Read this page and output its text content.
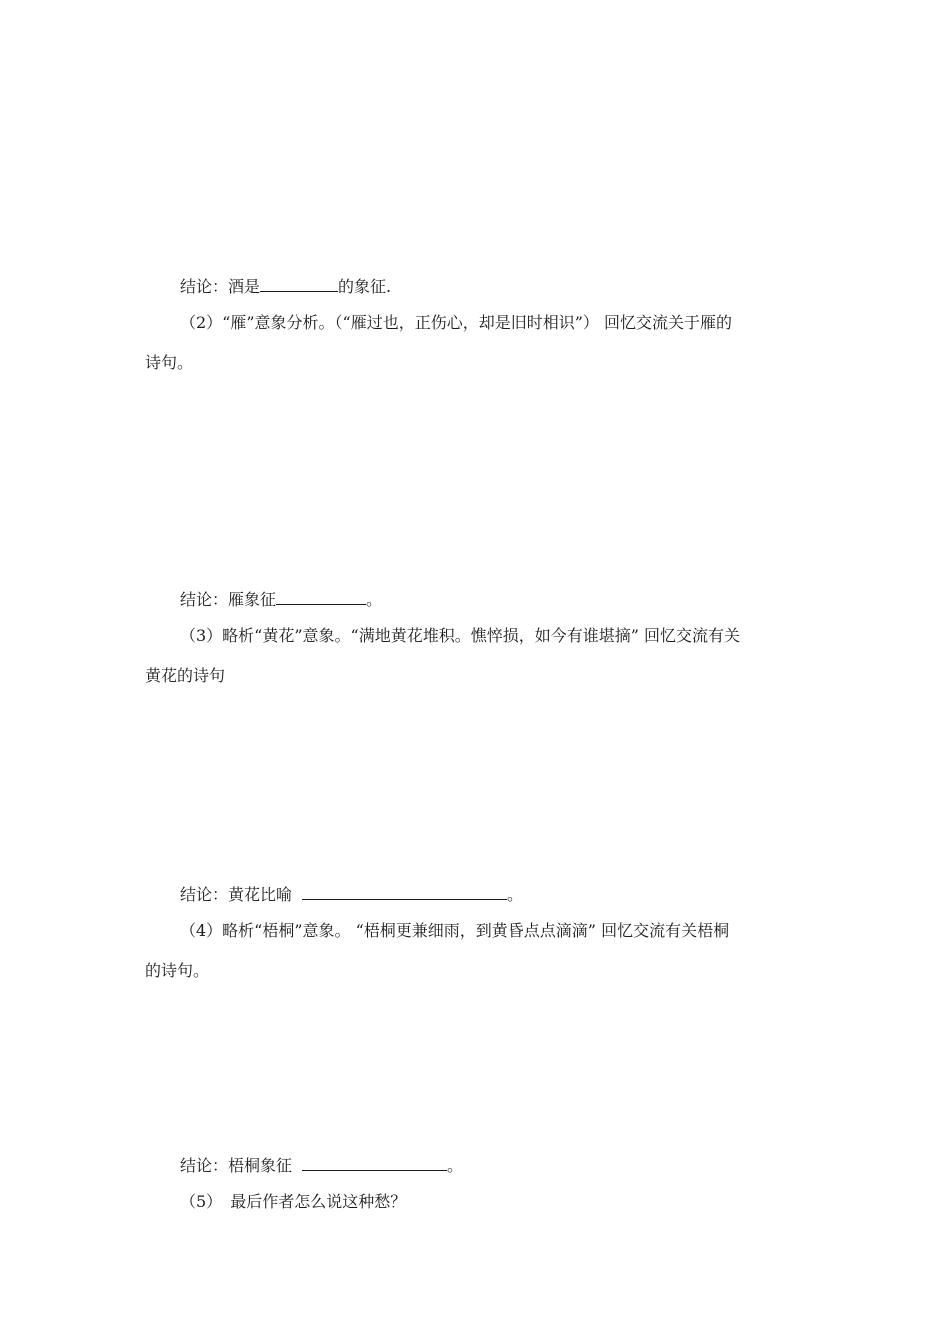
结论：酒是	的象征.
（2）“雁”意象分析。（“雁过也，正伤心，却是旧时相识”） 回忆交流关于雁的
诗句。
结论：雁象征	。
（3）略析“黄花”意象。“满地黄花堆积。憔悴损，如今有谁堪摘” 回忆交流有关
黄花的诗句
结论：黄花比喻	。
（4）略析“梧桐”意象。 “梧桐更兼细雨，到黄昏点点滴滴” 回忆交流有关梧桐
的诗句。
结论：梧桐象征	。
（5） 最后作者怎么说这种愁？
